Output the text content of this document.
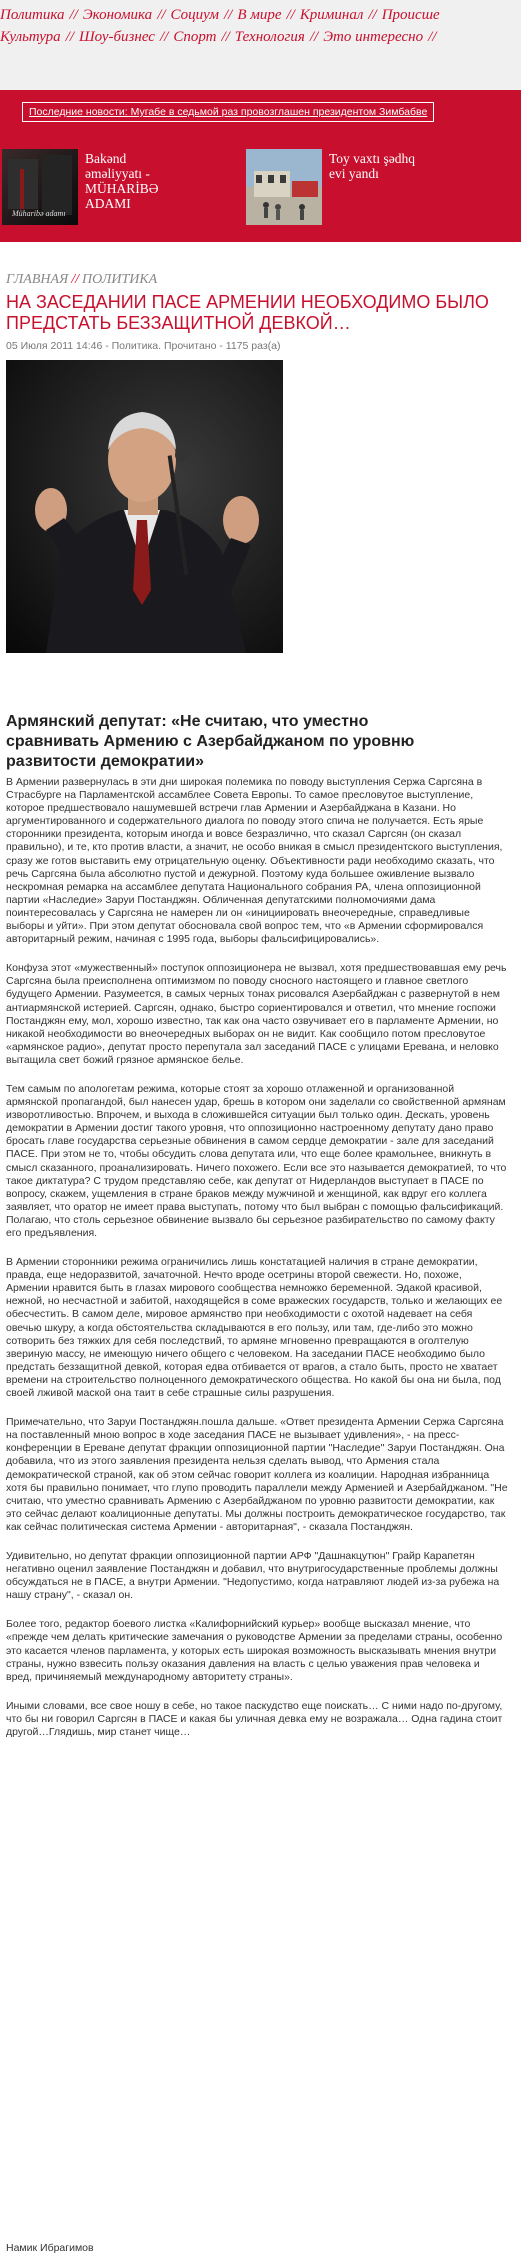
Политика // Экономика // Социум // В мире // Криминал // Происше
Культура // Шоу-бизнес // Спорт // Технология // Это интересно //
Последние новости: Мугабе в седьмой раз провозглашен президентом Зимбабве
Müharibə adamı
Bakənd əməliyyatı -MÜHARİBƏ ADAMI
Toy vaxtı şədhq evi yandı
ГЛАВНАЯ // ПОЛИТИКА
НА ЗАСЕДАНИИ ПАСЕ АРМЕНИИ НЕОБХОДИМО БЫЛО ПРЕДСТАТЬ БЕЗЗАЩИТНОЙ ДЕВКОЙ…
05 Июля 2011 14:46 - Политика. Прочитано - 1175 раз(а)
Армянский депутат: «Не считаю, что уместно сравнивать Армению с Азербайджаном по уровню развитости демократии»

В Армении развернулась в эти дни широкая полемика по поводу выступления Сержа Саргсяна в Страсбурге на Парламентской ассамблее Совета Европы. То самое пресловутое выступление, которое предшествовало нашумевшей встречи глав Армении и Азербайджана в Казани. Но аргументированного и содержательного диалога по поводу этого спича не получается. Есть ярые сторонники президента, которым иногда и вовсе безразлично, что сказал Саргсян (он сказал правильно), и те, кто против власти, а значит, не особо вникая в смысл президентского выступления, сразу же готов выставить ему отрицательную оценку. Объективности ради необходимо сказать, что речь Саргсяна была абсолютно пустой и дежурной. Поэтому куда большее оживление вызвало нескромная ремарка на ассамблее депутата Национального собрания РА, члена оппозиционной партии «Наследие» Заруи Постанджян. Обличенная депутатскими полномочиями дама поинтересовалась у Саргсяна не намерен ли он «инициировать внеочередные, справедливые выборы и уйти». При этом депутат обосновала свой вопрос тем, что «в Армении сформировался авторитарный режим, начиная с 1995 года, выборы фальсифицировались».

Конфуза этот «мужественный» поступок оппозиционера не вызвал, хотя предшествовавшая ему речь Саргсяна была преисполнена оптимизмом по поводу сносного настоящего и главное светлого будущего Армении. Разумеется, в самых черных тонах рисовался Азербайджан с развернутой в нем антиармянской истерией. Саргсян, однако, быстро сориентировался и ответил, что мнение госпожи Постанджян ему, мол, хорошо известно, так как она часто озвучивает его в парламенте Армении, но никакой необходимости во внеочередных выборах он не видит. Как сообщило потом пресловутое «армянское радио», депутат просто перепутала зал заседаний ПАСЕ с улицами Еревана, и неловко вытащила свет божий грязное армянское белье.

Тем самым по апологетам режима, которые стоят за хорошо отлаженной и организованной армянской пропагандой, был нанесен удар, брешь в котором они заделали со свойственной армянам изворотливостью. Впрочем, и выхода в сложившейся ситуации был только один. Дескать, уровень демократии в Армении достиг такого уровня, что оппозиционно настроенному депутату дано право бросать главе государства серьезные обвинения в самом сердце демократии - зале для заседаний ПАСЕ. При этом не то, чтобы обсудить слова депутата или, что еще более крамольнее, вникнуть в смысл сказанного, проанализировать. Ничего похожего. Если все это называется демократией, то что такое диктатура? С трудом представляю себе, как депутат от Нидерландов выступает в ПАСЕ по вопросу, скажем, ущемления в стране браков между мужчиной и женщиной, как вдруг его коллега заявляет, что оратор не имеет права выступать, потому что был выбран с помощью фальсификаций. Полагаю, что столь серьезное обвинение вызвало бы серьезное разбирательство по самому факту его предъявления.

В Армении сторонники режима ограничились лишь констатацией наличия в стране демократии, правда, еще недоразвитой, зачаточной. Нечто вроде осетрины второй свежести. Но, похоже, Армении нравится быть в глазах мирового сообщества немножко беременной. Эдакой красивой, нежной, но несчастной и забитой, находящейся в соме вражеских государств, только и желающих ее обесчестить. В самом деле, мировое армянство при необходимости с охотой надевает на себя овечью шкуру, а когда обстоятельства складываются в его пользу, или там, где-либо это можно сотворить без тяжких для себя последствий, то армяне мгновенно превращаются в оголтелую звериную массу, не имеющую ничего общего с человеком. На заседании ПАСЕ необходимо было предстать беззащитной девкой, которая едва отбивается от врагов, а стало быть, просто не хватает времени на строительство полноценного демократического общества. Но какой бы она ни была, под своей лживой маской она таит в себе страшные силы разрушения.

Примечательно, что Заруи Постанджян.пошла дальше. «Ответ президента Армении Сержа Саргсяна на поставленный мною вопрос в ходе заседания ПАСЕ не вызывает удивления», - на пресс-конференции в Ереване депутат фракции оппозиционной партии "Наследие" Заруи Постанджян. Она добавила, что из этого заявления президента нельзя сделать вывод, что Армения стала демократической страной, как об этом сейчас говорит коллега из коалиции. Народная избранница хотя бы правильно понимает, что глупо проводить параллели между Арменией и Азербайджаном. "Не считаю, что уместно сравнивать Армению с Азербайджаном по уровню развитости демократии, как это сейчас делают коалиционные депутаты. Мы должны построить демократическое государство, так как сейчас политическая система Армении - авторитарная", - сказала Постанджян.

Удивительно, но депутат фракции оппозиционной партии АРФ "Дашнакцутюн" Грайр Карапетян негативно оценил заявление Постанджян и добавил, что внутригосударственные проблемы должны обсуждаться не в ПАСЕ, а внутри Армении. "Недопустимо, когда натравляют людей из-за рубежа на нашу страну", - сказал он.

Более того, редактор боевого листка «Калифорнийский курьер» вообще высказал мнение, что «прежде чем делать критические замечания о руководстве Армении за пределами страны, особенно это касается членов парламента, у которых есть широкая возможность высказывать мнения внутри страны, нужно взвесить пользу оказания давления на власть с целью уважения прав человека и вред, причиняемый международному авторитету страны».

Иными словами, все свое ношу в себе, но такое паскудство еще поискать… С ними надо по-другому, что бы ни говорил Саргсян в ПАСЕ и какая бы уличная девка ему не возражала… Одна гадина стоит другой…Глядишь, мир станет чище…

Намик Ибрагимов
